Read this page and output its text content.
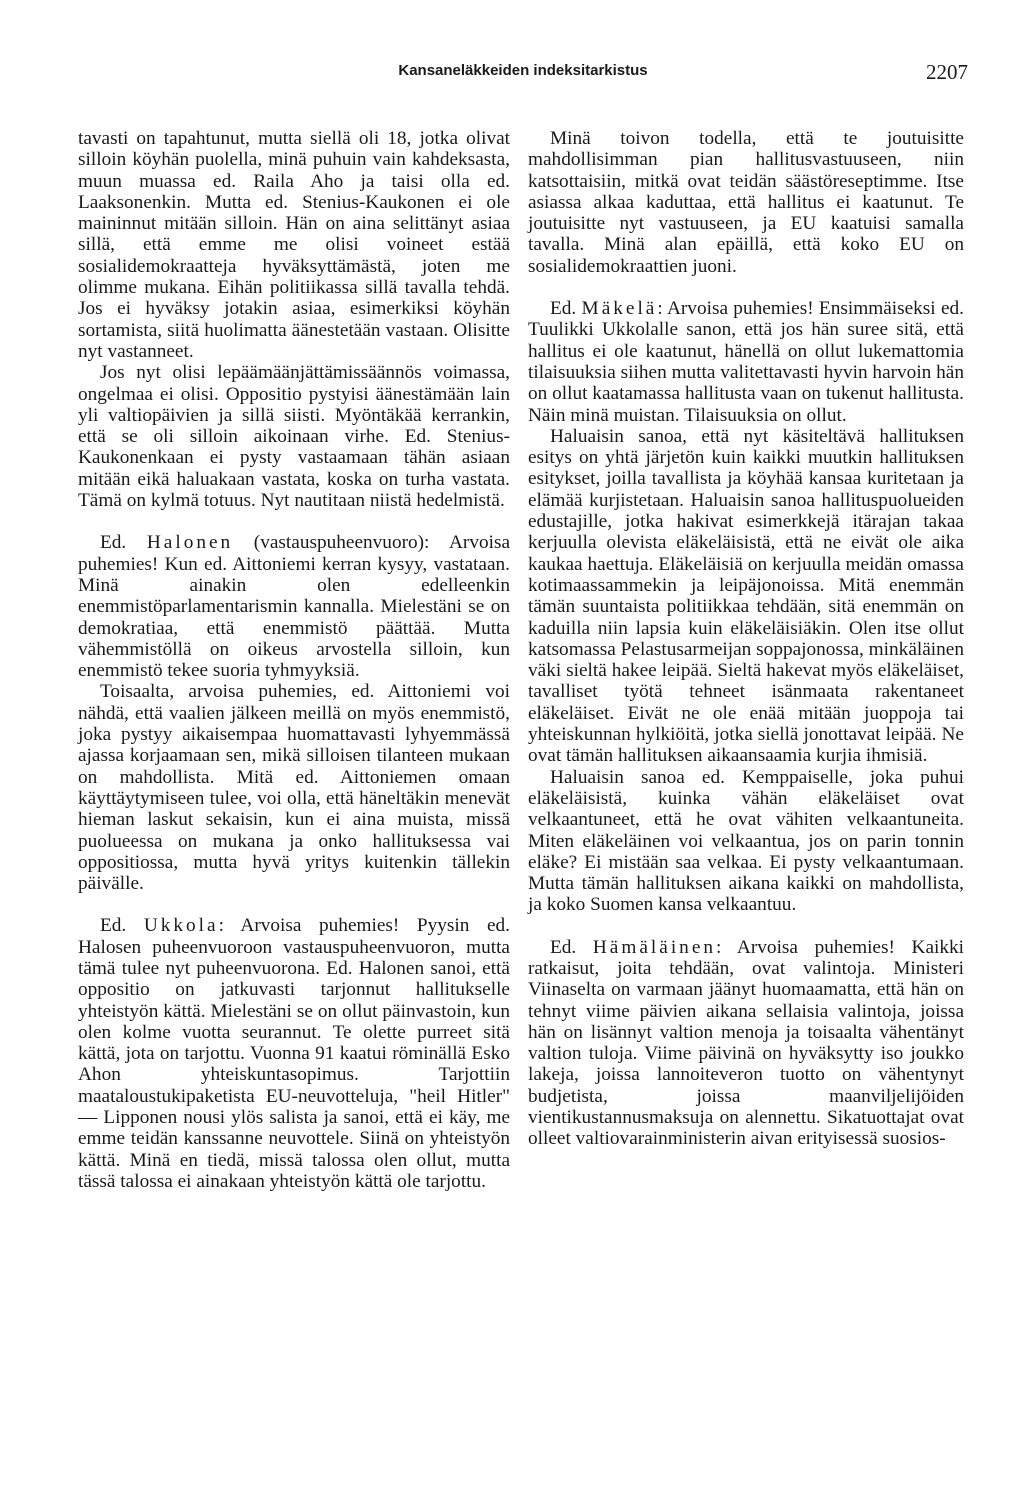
Kansaneläkkeiden indeksitarkistus	2207

tavasti on tapahtunut, mutta siellä oli 18, jotka olivat silloin köyhän puolella, minä puhuin vain kahdeksasta, muun muassa ed. Raila Aho ja taisi olla ed. Laaksonenkin. Mutta ed. Stenius-Kaukonen ei ole maininnut mitään silloin. Hän on aina selittänyt asiaa sillä, että emme me olisi voineet estää sosialidemokraatteja hyväksyttämästä, joten me olimme mukana. Eihän politiikassa sillä tavalla tehdä. Jos ei hyväksy jotakin asiaa, esimerkiksi köyhän sortamista, siitä huolimatta äänestetään vastaan. Olisitte nyt vastanneet.

Jos nyt olisi lepäämäänjättämissäännös voimassa, ongelmaa ei olisi. Oppositio pystyisi äänestämään lain yli valtiopäivien ja sillä siisti. Myöntäkää kerrankin, että se oli silloin aikoinaan virhe. Ed. Stenius-Kaukonenkaan ei pysty vastaamaan tähän asiaan mitään eikä haluakaan vastata, koska on turha vastata. Tämä on kylmä totuus. Nyt nautitaan niistä hedelmistä.

Ed. Halonen (vastauspuheenvuoro): Arvoisa puhemies! Kun ed. Aittoniemi kerran kysyy, vastataan. Minä ainakin olen edelleenkin enemmistöparlamentarismin kannalla. Mielestäni se on demokratiaa, että enemmistö päättää. Mutta vähemmistöllä on oikeus arvostella silloin, kun enemmistö tekee suoria tyhmyyksiä.

Toisaalta, arvoisa puhemies, ed. Aittoniemi voi nähdä, että vaalien jälkeen meillä on myös enemmistö, joka pystyy aikaisempaa huomattavasti lyhyemmässä ajassa korjaamaan sen, mikä silloisen tilanteen mukaan on mahdollista. Mitä ed. Aittoniemen omaan käyttäytymiseen tulee, voi olla, että häneltäkin menevät hieman laskut sekaisin, kun ei aina muista, missä puolueessa on mukana ja onko hallituksessa vai oppositiossa, mutta hyvä yritys kuitenkin tällekin päivälle.

Ed. Ukkola: Arvoisa puhemies! Pyysin ed. Halosen puheenvuoroon vastauspuheenvuoron, mutta tämä tulee nyt puheenvuorona. Ed. Halonen sanoi, että oppositio on jatkuvasti tarjonnut hallitukselle yhteistyön kättä. Mielestäni se on ollut päinvastoin, kun olen kolme vuotta seurannut. Te olette purreet sitä kättä, jota on tarjottu. Vuonna 91 kaatui röminällä Esko Ahon yhteiskuntasopimus. Tarjottiin maataloustukipaketista EU-neuvotteluja, "heil Hitler" — Lipponen nousi ylös salista ja sanoi, että ei käy, me emme teidän kanssanne neuvottele. Siinä on yhteistyön kättä. Minä en tiedä, missä talossa olen ollut, mutta tässä talossa ei ainakaan yhteistyön kättä ole tarjottu.

Minä toivon todella, että te joutuisitte mahdollisimman pian hallitusvastuuseen, niin katsottaisiin, mitkä ovat teidän säästöreseptimme. Itse asiassa alkaa kaduttaa, että hallitus ei kaatunut. Te joutuisitte nyt vastuuseen, ja EU kaatuisi samalla tavalla. Minä alan epäillä, että koko EU on sosialidemokraattien juoni.

Ed. Mäkelä: Arvoisa puhemies! Ensimmäiseksi ed. Tuulikki Ukkolalle sanon, että jos hän suree sitä, että hallitus ei ole kaatunut, hänellä on ollut lukemattomia tilaisuuksia siihen mutta valitettavasti hyvin harvoin hän on ollut kaatamassa hallitusta vaan on tukenut hallitusta. Näin minä muistan. Tilaisuuksia on ollut.

Haluaisin sanoa, että nyt käsiteltävä hallituksen esitys on yhtä järjetön kuin kaikki muutkin hallituksen esitykset, joilla tavallista ja köyhää kansaa kuritetaan ja elämää kurjistetaan. Haluaisin sanoa hallituspuolueiden edustajille, jotka hakivat esimerkkejä itärajan takaa kerjuulla olevista eläkeläisistä, että ne eivät ole aika kaukaa haettuja. Eläkeläisiä on kerjuulla meidän omassa kotimaassammekin ja leipäjonoissa. Mitä enemmän tämän suuntaista politiikkaa tehdään, sitä enemmän on kaduilla niin lapsia kuin eläkeläisiäkin. Olen itse ollut katsomassa Pelastusarmeijan soppajonossa, minkäläinen väki sieltä hakee leipää. Sieltä hakevat myös eläkeläiset, tavalliset työtä tehneet isänmaata rakentaneet eläkeläiset. Eivät ne ole enää mitään juoppoja tai yhteiskunnan hylkiöitä, jotka siellä jonottavat leipää. Ne ovat tämän hallituksen aikaansaamia kurjia ihmisiä.

Haluaisin sanoa ed. Kemppaiselle, joka puhui eläkeläisistä, kuinka vähän eläkeläiset ovat velkaantuneet, että he ovat vähiten velkaantuneita. Miten eläkeläinen voi velkaantua, jos on parin tonnin eläke? Ei mistään saa velkaa. Ei pysty velkaantumaan. Mutta tämän hallituksen aikana kaikki on mahdollista, ja koko Suomen kansa velkaantuu.

Ed. Hämäläinen: Arvoisa puhemies! Kaikki ratkaisut, joita tehdään, ovat valintoja. Ministeri Viinaselta on varmaan jäänyt huomaamatta, että hän on tehnyt viime päivien aikana sellaisia valintoja, joissa hän on lisännyt valtion menoja ja toisaalta vähentänyt valtion tuloja. Viime päivinä on hyväksytty iso joukko lakeja, joissa lannoiteveron tuotto on vähentynyt budjetista, joissa maanviljelijöiden vientikustannusmaksuja on alennettu. Sikatuottajat ovat olleet valtiovarainministerin aivan erityisessä suosios-
